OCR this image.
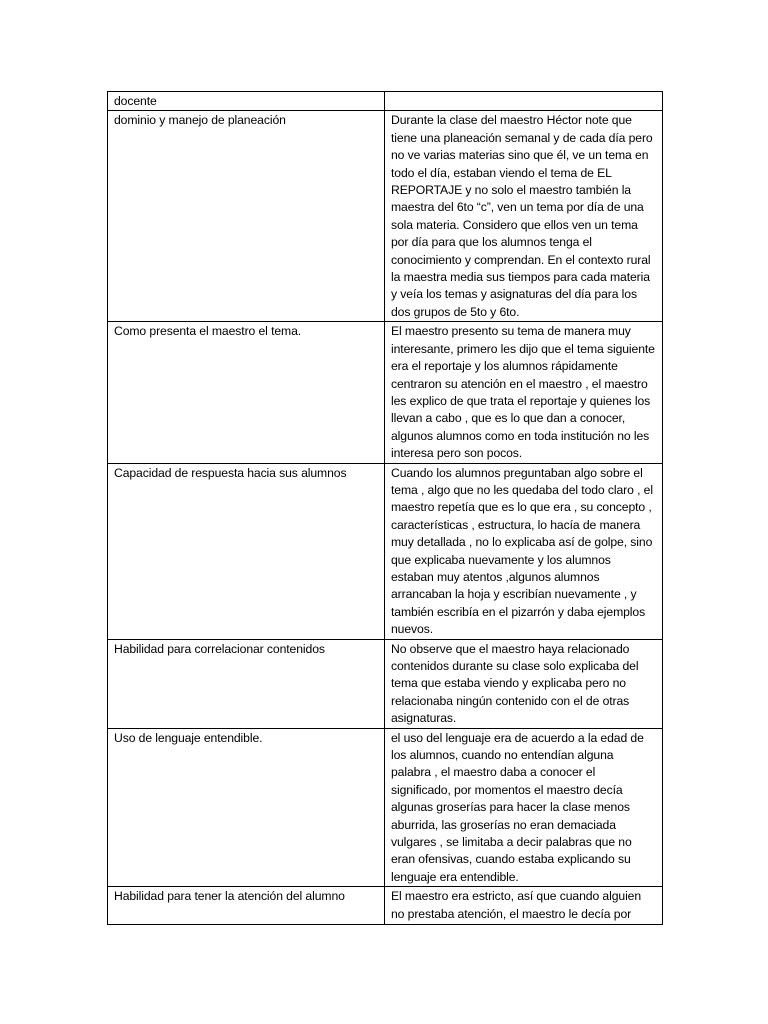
docente	
dominio y manejo de planeación	Durante la clase del maestro Héctor note que tiene una planeación semanal y de cada día pero no ve varias materias sino que él, ve un tema en todo el día, estaban viendo el tema de EL REPORTAJE y no solo el maestro también la maestra del 6to “c”, ven un tema por día de una sola materia. Considero que ellos ven un tema por día para que los alumnos tenga el conocimiento y comprendan. En el contexto rural la maestra media sus tiempos para cada materia y veía los temas y asignaturas del día para los dos grupos de 5to y 6to.
Como presenta el maestro el tema.	El maestro presento su tema de manera muy interesante, primero les dijo que el tema siguiente era el reportaje y los alumnos rápidamente centraron su atención en el maestro , el maestro les explico de que trata el reportaje y quienes los llevan a cabo , que es lo que dan a conocer, algunos alumnos como en toda institución no les interesa pero son pocos.
Capacidad de respuesta hacia sus alumnos	Cuando los alumnos preguntaban algo sobre el tema , algo que no les quedaba del todo claro , el maestro repetía que es lo que era , su concepto , características , estructura, lo hacía de manera muy detallada , no lo explicaba así de golpe, sino que explicaba nuevamente y los alumnos estaban muy atentos ,algunos alumnos arrancaban la hoja y escribían nuevamente , y también escribía en el pizarrón y daba ejemplos nuevos.
Habilidad para correlacionar contenidos	No observe que el maestro haya relacionado contenidos durante su clase solo explicaba del tema que estaba viendo y explicaba pero no relacionaba ningún contenido con el de otras asignaturas.
Uso de lenguaje entendible.	el uso del lenguaje era de acuerdo a la edad de los alumnos, cuando no entendían alguna palabra , el maestro daba a conocer el significado, por momentos el maestro decía algunas groserías para hacer la clase menos aburrida, las groserías no eran demaciada vulgares , se limitaba a decir palabras que no eran ofensivas, cuando estaba explicando su lenguaje era entendible.

Habilidad para tener la atención del alumno	El maestro era estricto, así que cuando alguien no prestaba atención, el maestro le decía por
